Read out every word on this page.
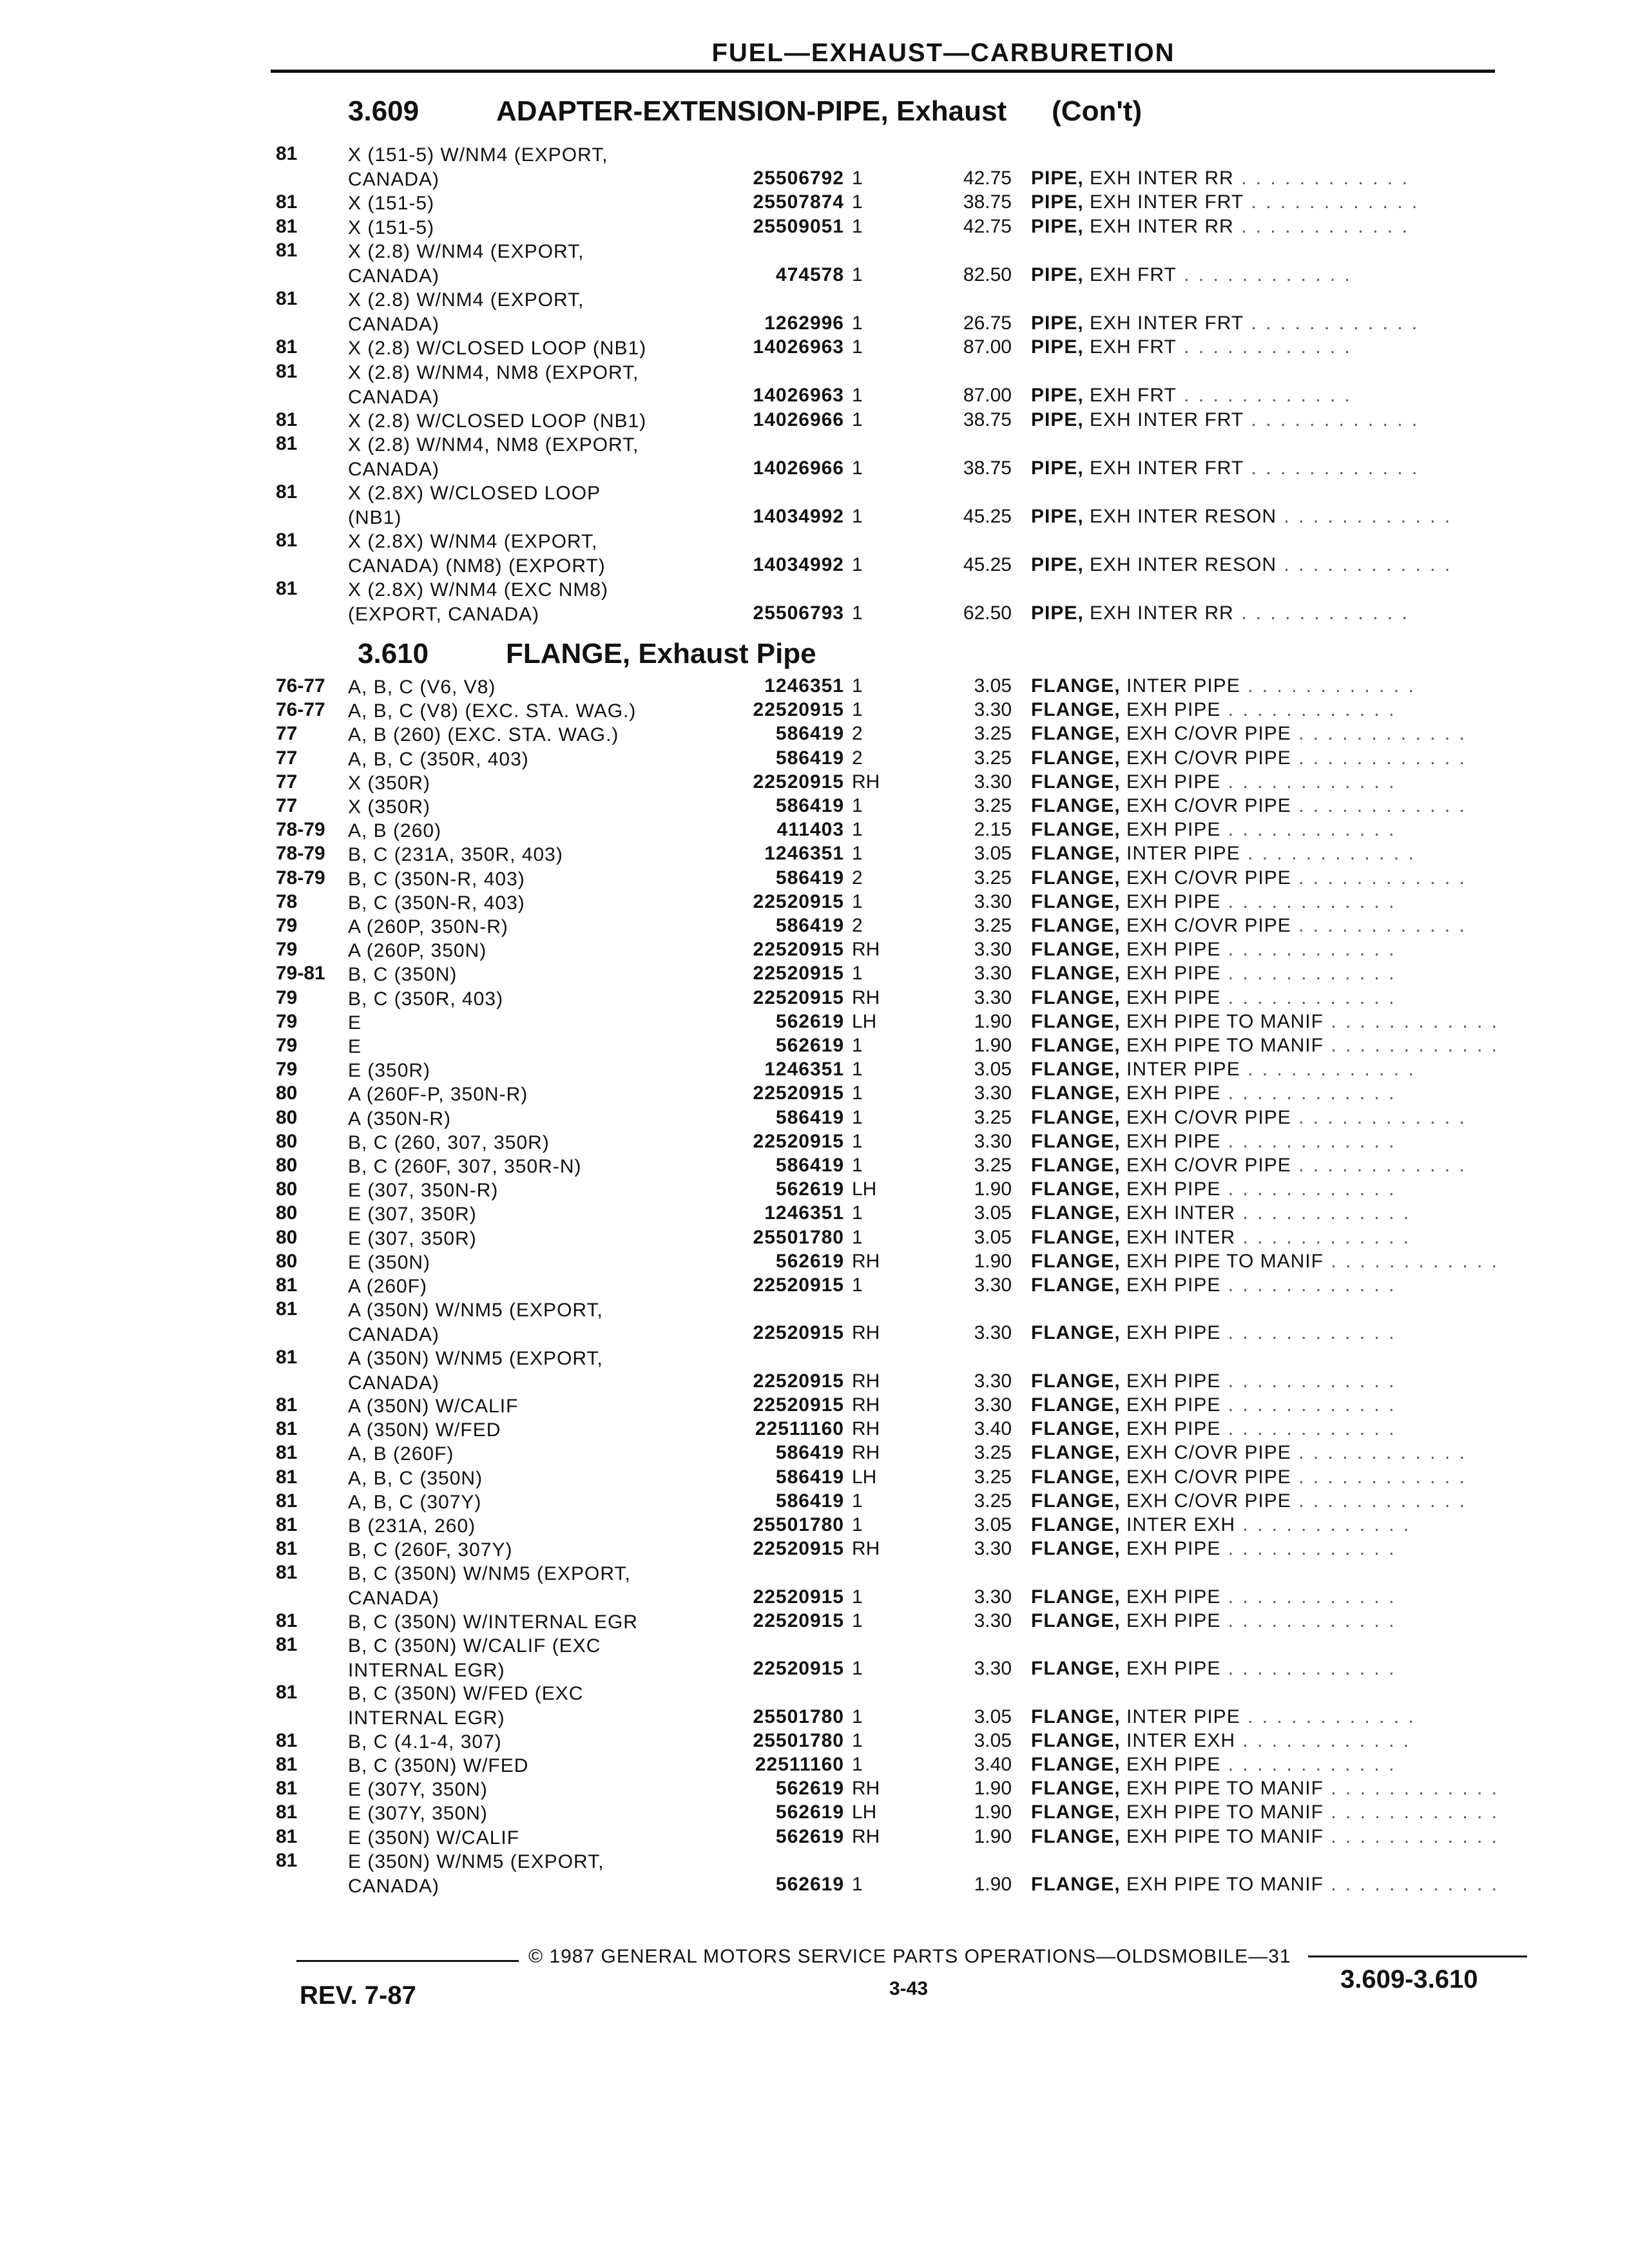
FUEL—EXHAUST—CARBURETION
3.609	ADAPTER-EXTENSION-PIPE, Exhaust (Con't)
81	X (151-5) W/NM4 (EXPORT,
CANADA)	25506792 1	42.75 PIPE, EXH INTER RR . . . . . . . . . . . .
81	X (151-5)	25507874 1	38.75 PIPE, EXH INTER FRT . . . . . . . . . . . .
81	X (151-5)	25509051 1	42.75 PIPE, EXH INTER RR . . . . . . . . . . . .
81	X (2.8) W/NM4 (EXPORT,
CANADA)	474578 1	82.50 PIPE, EXH FRT . . . . . . . . . . . .
81	X (2.8) W/NM4 (EXPORT,
CANADA)	1262996 1	26.75 PIPE, EXH INTER FRT . . . . . . . . . . . .
81	X (2.8) W/CLOSED LOOP (NB1)	14026963 1	87.00 PIPE, EXH FRT . . . . . . . . . . . .
81	X (2.8) W/NM4, NM8 (EXPORT,
CANADA)	14026963 1	87.00 PIPE, EXH FRT . . . . . . . . . . . .
81	X (2.8) W/CLOSED LOOP (NB1)	14026966 1	38.75 PIPE, EXH INTER FRT . . . . . . . . . . . .
81	X (2.8) W/NM4, NM8 (EXPORT,
CANADA)	14026966 1	38.75 PIPE, EXH INTER FRT . . . . . . . . . . . .
81	X (2.8X) W/CLOSED LOOP
(NB1)	14034992 1	45.25 PIPE, EXH INTER RESON . . . . . . . . . . . .
81	X (2.8X) W/NM4 (EXPORT,
CANADA) (NM8) (EXPORT)	14034992 1	45.25 PIPE, EXH INTER RESON . . . . . . . . . . . .
81	X (2.8X) W/NM4 (EXC NM8)
(EXPORT, CANADA)	25506793 1	62.50 PIPE, EXH INTER RR . . . . . . . . . . . .
3.610	FLANGE, Exhaust Pipe
76-77 A, B, C (V6, V8)	1246351 1	3.05 FLANGE, INTER PIPE . . . . . . . . . . . .
76-77 A, B, C (V8) (EXC. STA. WAG.)	22520915 1	3.30 FLANGE, EXH PIPE . . . . . . . . . . . .
77	A, B (260) (EXC. STA. WAG.)	586419 2	3.25 FLANGE, EXH C/OVR PIPE . . . . . . . . . . . .
77	A, B, C (350R, 403)	586419 2	3.25 FLANGE, EXH C/OVR PIPE . . . . . . . . . . . .
77	X (350R)	22520915 RH	3.30 FLANGE, EXH PIPE . . . . . . . . . . . .
77	X (350R)	586419 1	3.25 FLANGE, EXH C/OVR PIPE . . . . . . . . . . . .
78-79 A, B (260)	411403 1	2.15 FLANGE, EXH PIPE . . . . . . . . . . . .
78-79 B, C (231A, 350R, 403)	1246351 1	3.05 FLANGE, INTER PIPE . . . . . . . . . . . .
78-79 B, C (350N-R, 403)	586419 2	3.25 FLANGE, EXH C/OVR PIPE . . . . . . . . . . . .
78	B, C (350N-R, 403)	22520915 1	3.30 FLANGE, EXH PIPE . . . . . . . . . . . .
79	A (260P, 350N-R)	586419 2	3.25 FLANGE, EXH C/OVR PIPE . . . . . . . . . . . .
79	A (260P, 350N)	22520915 RH	3.30 FLANGE, EXH PIPE . . . . . . . . . . . .
79-81 B, C (350N)	22520915 1	3.30 FLANGE, EXH PIPE . . . . . . . . . . . .
79	B, C (350R, 403)	22520915 RH	3.30 FLANGE, EXH PIPE . . . . . . . . . . . .
79	E	562619 LH	1.90 FLANGE, EXH PIPE TO MANIF . . . . . . . . . . . .
79	E	562619 1	1.90 FLANGE, EXH PIPE TO MANIF . . . . . . . . . . . .
79	E (350R)	1246351 1	3.05 FLANGE, INTER PIPE . . . . . . . . . . . .
80	A (260F-P, 350N-R)	22520915 1	3.30 FLANGE, EXH PIPE . . . . . . . . . . . .
80	A (350N-R)	586419 1	3.25 FLANGE, EXH C/OVR PIPE . . . . . . . . . . . .
80	B, C (260, 307, 350R)	22520915 1	3.30 FLANGE, EXH PIPE . . . . . . . . . . . .
80	B, C (260F, 307, 350R-N)	586419 1	3.25 FLANGE, EXH C/OVR PIPE . . . . . . . . . . . .
80	E (307, 350N-R)	562619 LH	1.90 FLANGE, EXH PIPE . . . . . . . . . . . .
80	E (307, 350R)	1246351 1	3.05 FLANGE, EXH INTER . . . . . . . . . . . .
80	E (307, 350R)	25501780 1	3.05 FLANGE, EXH INTER . . . . . . . . . . . .
80	E (350N)	562619 RH	1.90 FLANGE, EXH PIPE TO MANIF . . . . . . . . . . . .
81	A (260F)	22520915 1	3.30 FLANGE, EXH PIPE . . . . . . . . . . . .
81	A (350N) W/NM5 (EXPORT,
CANADA)	22520915 RH	3.30 FLANGE, EXH PIPE . . . . . . . . . . . .
81	A (350N) W/NM5 (EXPORT,
CANADA)	22520915 RH	3.30 FLANGE, EXH PIPE . . . . . . . . . . . .
81	A (350N) W/CALIF	22520915 RH	3.30 FLANGE, EXH PIPE . . . . . . . . . . . .
81	A (350N) W/FED	22511160 RH	3.40 FLANGE, EXH PIPE . . . . . . . . . . . .
81	A, B (260F)	586419 RH	3.25 FLANGE, EXH C/OVR PIPE . . . . . . . . . . . .
81	A, B, C (350N)	586419 LH	3.25 FLANGE, EXH C/OVR PIPE . . . . . . . . . . . .
81	A, B, C (307Y)	586419 1	3.25 FLANGE, EXH C/OVR PIPE . . . . . . . . . . . .
81	B (231A, 260)	25501780 1	3.05 FLANGE, INTER EXH . . . . . . . . . . . .
81	B, C (260F, 307Y)	22520915 RH	3.30 FLANGE, EXH PIPE . . . . . . . . . . . .
81	B, C (350N) W/NM5 (EXPORT,
CANADA)	22520915 1	3.30 FLANGE, EXH PIPE . . . . . . . . . . . .
81	B, C (350N) W/INTERNAL EGR	22520915 1	3.30 FLANGE, EXH PIPE . . . . . . . . . . . .
81	B, C (350N) W/CALIF (EXC
INTERNAL EGR)	22520915 1	3.30 FLANGE, EXH PIPE . . . . . . . . . . . .
81	B, C (350N) W/FED (EXC
INTERNAL EGR)	25501780 1	3.05 FLANGE, INTER PIPE . . . . . . . . . . . .
81	B, C (4.1-4, 307)	25501780 1	3.05 FLANGE, INTER EXH . . . . . . . . . . . .
81	B, C (350N) W/FED	22511160 1	3.40 FLANGE, EXH PIPE . . . . . . . . . . . .
81	E (307Y, 350N)	562619 RH	1.90 FLANGE, EXH PIPE TO MANIF . . . . . . . . . . . .
81	E (307Y, 350N)	562619 LH	1.90 FLANGE, EXH PIPE TO MANIF . . . . . . . . . . . .
81	E (350N) W/CALIF	562619 RH	1.90 FLANGE, EXH PIPE TO MANIF . . . . . . . . . . . .
81	E (350N) W/NM5 (EXPORT,
CANADA)	562619 1	1.90 FLANGE, EXH PIPE TO MANIF . . . . . . . . . . . .
© 1987 GENERAL MOTORS SERVICE PARTS OPERATIONS—OLDSMOBILE—31
REV. 7-87	3-43	3.609-3.610
